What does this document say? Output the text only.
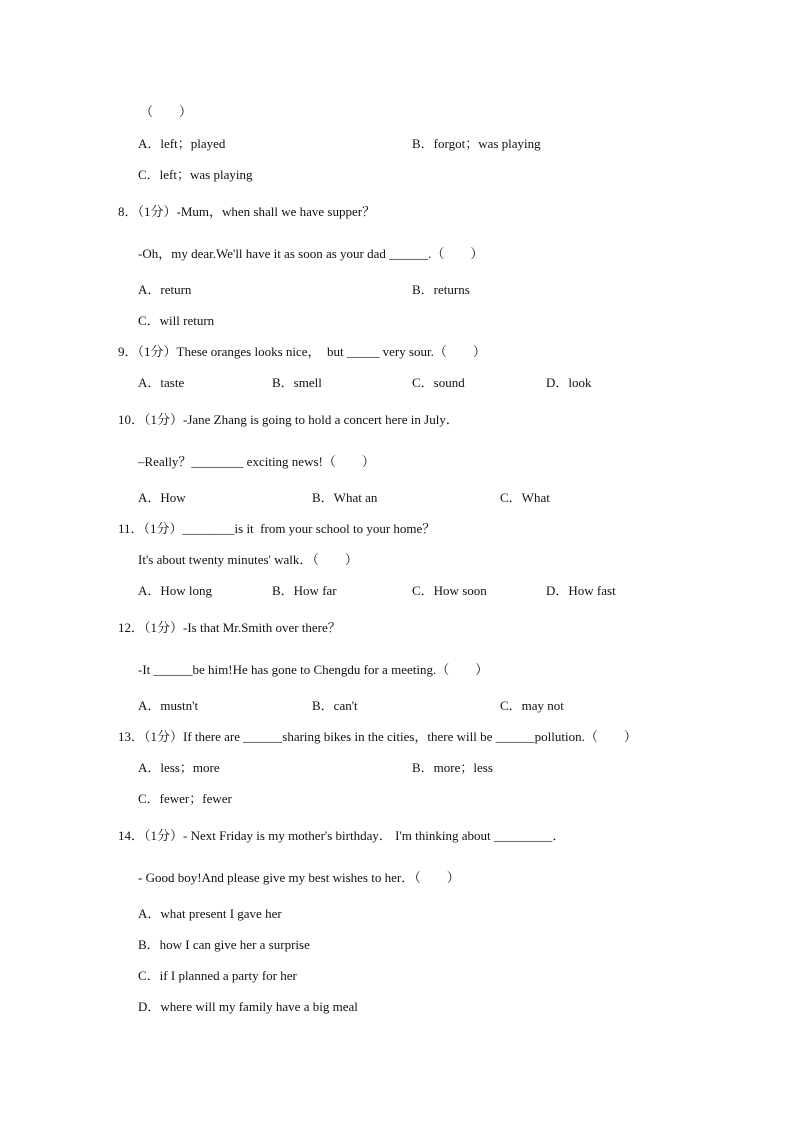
（　　）
A．left；played	B．forgot；was playing
C．left；was playing
8．（1分）-Mum，when shall we have supper？
-Oh，my dear.We'll have it as soon as your dad ______.（　　）
A．return	B．returns
C．will return
9．（1分）These oranges looks nice，  but _____ very sour.（　　）
A．taste	B．smell	C．sound	D．look
10．（1分）-Jane Zhang is going to hold a concert here in July．
–Really？________ exciting news!（　　）
A．How	B．What an	C．What
11．（1分）________is it  from your school to your home？
It's about twenty minutes' walk．（　　）
A．How long	B．How far	C．How soon	D．How fast
12．（1分）-Is that Mr.Smith over there？
-It ______be him!He has gone to Chengdu for a meeting.（　　）
A．mustn't	B．can't	C．may not
13．（1分）If there are ______sharing bikes in the cities，there will be ______pollution.（　　）
A．less；more	B．more；less
C．fewer；fewer
14．（1分）- Next Friday is my mother's birthday． I'm thinking about _________．
- Good boy!And please give my best wishes to her．（　　）
A．what present I gave her
B．how I can give her a surprise
C．if I planned a party for her
D．where will my family have a big meal
